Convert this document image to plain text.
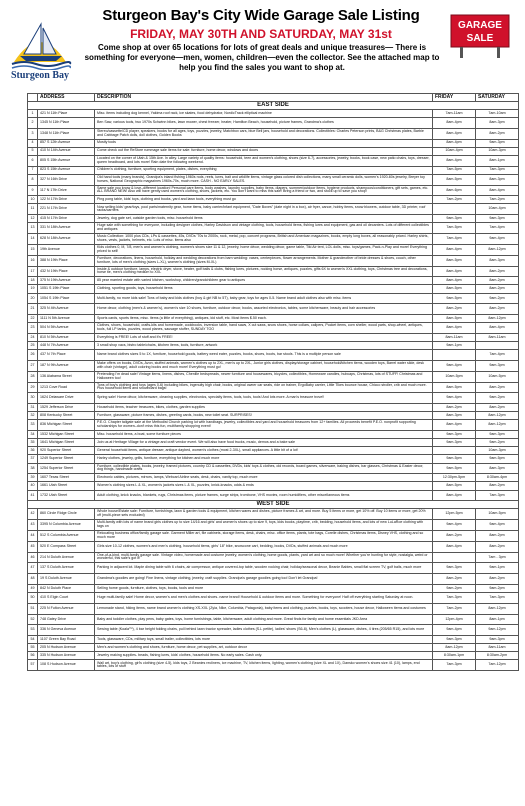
Sturgeon Bay
Sturgeon Bay's City Wide Garage Sale Listing
FRIDAY, MAY 30TH AND SATURDAY, MAY 31st
Come shop at over 65 locations for lots of great deals and unique treasures— There is something for everyone—men, women, children—even the collector. See the attached map to help you find the sales you want to shop at.
GARAGE
SALE
	ADDRESS	DESCRIPTION	FRIDAY	SATURDAY
EAST SIDE				
1	421 N 11th Place	Misc. items including dog kennel, Yakima roof rack, ice skates, food dehydrator, NordicTrack elliptical machine	7am-11am	7am-10am
2	1345 N 11th Place	Ben Saw, various tools, two 1970s Schwinn bikes, lawn mower, chest freezer, heater, Hamilton Beach, household, picture frames, Grandma's clothes	8am-4pm	8am-3pm
3	1348 N 11th Place	Stereo/cassette/CD player, speakers, books for all ages, toys, puzzles, jewelry, Matchbox cars, blue Bell jars, household and decorations. Collectibles: Charles Peterson prints, B&G Christmas plates, Barbie and Cabbage Patch dolls, doll clothes, Golden Books	8am-4pm	8am-2pm
4	857 S 12th Avenue	Mostly tools	8am-4pm	9am-3pm
5	410 N 14th Avenue	Come check out the ReStore rummage sale items for sale: furniture, home decor, windows and doors	10am-4pm	10am-3pm
6	805 S 15th Avenue	Located on the corner of Utah & 15th Ave. In alley. Large variety of quality items: household, teen and women's clothing, shoes (size 6-7), accessories, jewelry, books, book case, new patio chairs, toys, dresser, queen headboard, and lots more! Rain date the following weekend.	8am-4pm	8am-1pm
7	823 S 15th Avenue	Children's clothing, furniture, sporting equipment, plates, dishes, everything	7am-5pm	7am-3pm
8	327 N 16th Drive	Old hand tools (many brands), Grandpa's inland fishing 1960s rods, reels, lures, bait and wildlife items, vintage glass colored dish collections, many small ceramic dolls, women's 1920-60s jewelry, Breyer toy horses, National Geographic magazines 1960s-70s, much more. CASH - NO EARLY SALES.	8am-5pm	8am-3pm
9	117 N 17th Drive	Same sale you know & love–different location! Personal care items, body washes, laundry supplies, baby items, diapers, summer/outdoor items, hygiene products, shampoos/conditioners, gift sets, games, etc. ALL BRAND NEW! Also will have gently used women's clothing, shoes, jackets, etc. You don't want to miss this sale! Bring a friend or two, and stock up to save you shop!	8am-6pm	8am-4pm
10	122 N 17th Drive	Ping pong table, kids' toys, clothing and books, yard and lawn tools, everything must go	7am-2pm	7am-2pm
11	221 N 17th Drive	Now selling kids' gear/toys, pool parts/maternity gear, home items, baby carrier/infant equipment, "Date Boxes" (date night in a box), air fryer, canoe, hobby items, snow blowers, outdoor table, 3D printer, roof racks/carriers		10am-4pm
12	415 N 17th Drive	Jewelry, dog gate set, outside garden tools, misc. household items	9am-3pm	9am-3pm
13	331 N 18th Avenue	Huge sale with something for everyone, including designer clothes, Harley Davidson and vintage clothing, tools, household items, fishing lures and equipment, gas and oil decanters. Lots of different collectibles and antiques	7am-5pm	7am-4pm
14	628 N 18th Avenue	Music Collection: 1000 plus CDs, LPs & cassettes, 45s, DVDs '70s to 2000s, rock, metal, pop, concert programs, British and American magazines, books, empty long boxes, all reasonably priced. Harley shirts, shoes, vests, jackets, helmets, etc. Lots of misc. items also	7am-4pm	9am-4pm
15	19th Avenue	Kids clothes 0, M, 7/8, men's and women's clothing, women's shoes size 11 & 12, jewelry, home décor, wedding décor, game table, Tiki Air tent, LOL dolls, misc. toys/games, Pack-n-Play and more! Everything priced to sell!	8am-4pm	8am-12pm
16	388 N 19th Place	Furniture, decorations, linens, household, holiday and wedding decorations from barn wedding: vases, centerpieces, flower arrangements. Mother & grandmother of bride dresses & shoes, couch, other furniture, lots of men's clothing (sizes L-XL), women's clothing (sizes M-XL)	8am-5pm	8am-3pm
17	432 N 19th Place	Inside & outdoor furniture, lamps, electric dryer, stove, heater, golf balls & clubs, fishing lures, pictures, rocking horse, antiques, puzzles, gifts 6X to women's XXL clothing, toys, Christmas tree and decorations, horse tie, men's clothing medium to XXL	8am-4pm	8am-2pm
18	375 N 19th Avenue	85 year married estate with varied kitchen, workshop, children/grandchildren gear to antiques	8am-4pm	8am-2pm
19	1051 S 19th Place	Clothing, sporting goods, toys, household items	8am-5pm	8am-2pm
20	1054 S 19th Place	Multi-family, no more kids sale! Tons of baby and kids clothes (boy & girl NB to 5T), baby gear, toys for ages 0-5. Name brand adult clothes also with misc. items	9am-5pm	9am-2pm
21	325 N 4th Avenue	Home decor, clothing (men's & women's), women's size 10 shoes, furniture, outdoor decor, books, assorted electronics, tables, some kitchenware, beauty and hair accessories	8am-2pm	8am-2pm
22	1111 N 5th Avenue	Sports cards, sports items, misc. items (a little of everything), antiques, kid stuff, etc. Most items $.50 each.	8am-5pm	8am-12pm
23	504 N 5th Avenue	Clothes, shoes, household, crafts-kits and homemade, cookbooks, inversion table, hand saws, X cut saws, snow shoes, horse collars, calipers, Pocket items, corn sheller, wood parts, shop-wheel, antiques, tools, full LP tanks, puzzles, wood planes, sausage stuffer, SUNDAY TOO	8am-4pm	8am-4pm
24	810 N 5th Avenue	Everything is FREE! Lots of stuff and it's FREE!	8am-11am	8am-11am
25	448 N 7th Avenue	3 small shop vacs, bistro table/chairs, kitchen items, tools, furniture, artwork	9am-1pm	
26	437 N 7th Place	Name brand clothes sizes 5 to 1X, furniture, household goods, battery weed eater, puzzles, books, shoes, boots, bar stools. This is a multiple person sale		7am-4pm
27	187 N 9th Avenue	Make offers on books, DVDs, Avon, stuffed animals, women's clothes up to 2XL, men's up to 2XL, Junior girls clothes, display/storage cabinet, household/kitchen items, wooden toys, Barrel water slide, desk with chair (vintage), adult coloring books and much more! Everything must go!	9am-4pm	9am-3pm
28	136 Alabama Street	Pretending I'm dead sale! Vintage items, linens, dishes, Chenille bedspreads, newer furniture and housewares, bicycles, collectibles, Homeware candles, hubcaps, Christmas, lots of STUFF! Christmas and Halloween too!	10am-5pm	10am-5pm
29	1213 Cove Road	Tons of boy's clothing and toys (ages 0-6) including bikes, ingenuity high chair, books, original owner car seats, ride on trainer, ErgoBaby carrier, Little Tikes bounce house, Chicco stroller, crib and much more. Plus household items and snowboard bags!	8am-5pm	8am-2pm
30	1624 Delaware Drive	Spring sale! Home décor, kitchenware, cleaning supplies, electronics, specialty items, tools, tools, tools! And lots more. A man's treasure trove!!	9am-4pm	9am-2pm
31	1529 Jefferson Drive	Household items, teacher treasures, bikes, clothes, garden supplies	8am-2pm	8am-2pm
32	808 Kentucky Street	Furniture, glassware, picture frames, dishes, greeting cards, books, new toilet seat. SURPRISES!	8am-3pm	8am-12pm
33	836 Michigan Street	P.E.O. Chapter tailgate sale at the Methodist Church parking lot with handbags, jewelry, collectibles and yard and household treasures from 12+ families. All proceeds benefit P.E.O. nonprofit supporting scholarships for women–don't miss this fun, multifamily shopping event!	8am-4pm	8am-12pm
34	1532 Michigan Street	Misc. household items, a boat, some furniture pieces	9am-3pm	9am-3pm
35	1641 Michigan Street	Join us at Heritage Village for a vintage and craft vendor event. We will also have food trucks, music, demos and a bake sale	9am-3pm	9am-2pm
36	920 Superior Street	General household items, antique dresser, antique daybed, women's clothes (most 2-3XL), small appliances. A little bit of a lot!		10am-3pm
37	1249 Superior Street	Harley clothes, jewelry, grills, furniture, everything for kitchen and much more	9am-5pm	9am-5pm
38	1254 Superior Street	Furniture, collectible plates, books, jewelry, framed pictures, country CD & cassettes, DVDs, kids' toys & clothes, old records, board games, silverware, baking dishes, bar glasses, Christmas & Easter decor, dog things, handmade crafts	9am-5pm	8am-3pm
39	1607 Texas Street	Electronic cables, pictures, mirrors, lamps, Webcarl Airline seats, desk, chairs, vanity top, much more	12:30pm-5pm	8:30am-4pm
40	1661 Utah Street	Women's clothing sizes L & XL, women's jackets sizes L & XL, puzzles, knick-knacks, odds & ends	8am-5pm	8am-2pm
41	1732 Utah Street	Adult clothing, knick knacks, blankets, rugs, Christmas items, picture frames, surge strips, trombone, VHS movies, room humidifiers, other miscellaneous items	8am-4pm	7am-3pm
WEST SIDE				
42	860 Circle Ridge Circle	Whole house/Estate sale: Furniture, furnishings, lawn & garden tools & equipment, kitchen wares and dishes, picture frames & art, and more. Buy 5 items or more, get 10% off. Buy 10 items or more, get 20% off (multi-piece sets excluded)	12pm-5pm	10am-5pm
43	3395 N Columbia Avenue	Multi-family with lots of name brand girls clothes up to size 14/16 and girls' and women's shoes up to size 9, toys, kids books, playtime, crib, bedding, household items, and lots of new LuLaRoe clothing with tags on	9am-4pm	9am-4pm
44	512 S Columbia Avenue	Relocating business office/family garage sale. Garment Miller art, file cabinets, storage items, desk, chairs, misc. office items, plants, tote bags, Corelle dishes, Christmas items, Disney VHS, clothing and so much more	8am-2pm	8am-2pm
45	520 E Compass Street	Girls size 10-12 clothes, women's and men's clothing, household items, girls' 18" bike, snowcone cart, bedding, books, DVDs, stuffed animals and much more	8am-4pm	8am-2pm
46	214 N Duluth Avenue	One-of-a-kind, multi-family garage sale. Vintage video, homemade and costume jewelry, women's clothing, home goods, plants, yard art and so much more! Whether you're hunting for style, nostalgia, weird or wonderful, this sale's got it!		7am - 3pm
47	137 S Duluth Avenue	Parking in adjacent lot. Maple dining table with 6 chairs, air compressor, antique covered-top table, wooden rocking chair, holiday/seasonal decor, Beanie Babies, small flat screen TV, golf balls, much more	9am-3pm	9am-1pm
48	19 S Duluth Avenue	Grandma's goodies are going! Fine linens, vintage clothing, jewelry, craft supplies. Grandpa's garage goodies going too! Don't let Grandpa!	8am-2pm	8am-2pm
49	842 N Duluth Place	Selling home goods, furniture, clothes, toys, books, tools and more	9am-2pm	9am-2pm
50	410 S Elgin Court	Huge multi-family sale! Home decor, women's and men's clothes and shoes- name brand! Household & outdoor items and more. Something for everyone! Half off everything starting Saturday at noon.	7am-3pm	7am-3pm
51	225 N Fulton Avenue	Lemonade stand, hiking items, name brand women's clothing XS-XXL (Zyia, Nike, Columbia, Patagonia), baby items and clothing, puzzles, books, toys, scooters, house decor, Halloween items and costumes	7am-2pm	8am-12pm
52	748 Gatey Drive	Baby and toddler clothes, play pens, baby gates, toys, home furnishings, table, kitchenware, adult clothing and more. Great finds for family and home essentials JKD Area	12pm-4pm	8am-1pm
53	336 N Geneva Avenue	Sewing table (Koala™), 4 bar height folding chairs, pull behind lawn tractor spreader, ladies clothes (S-L petite), ladies' shoes (S6-8), Men's clothes (L), glassware, dishes, 4 tires (205/65 R15), and lots more	9am-4pm	9am-12pm
54	1107 Green Bay Road	Tools, glassware, CDs, military toys, small trailer, collectibles, lots more	9am-3pm	9am-3pm
55	205 N Hudson Avenue	Men's and women's clothing and shoes, furniture, home decor, pet supplies, art, outdoor decor	8am-12pm	8am-11am
56	335 N Hudson Avenue	Jewelry making supplies- beads, fishing lures, kids' clothes, household items. No early sales. Cash only.	8:30am-1pm	8:30am-2pm
57	108 S Hudson Avenue	Wall art, boy's clothing, girl's clothing (size 4-5), kids toys, 2 Beanies recliners, ice machine, TV, kitchen items, lighting, women's clothing (size XL and 1X), Dansko women's shoes size 41 (10), lamps, end tables, lots of stuff	7am-3pm	7am-12pm
